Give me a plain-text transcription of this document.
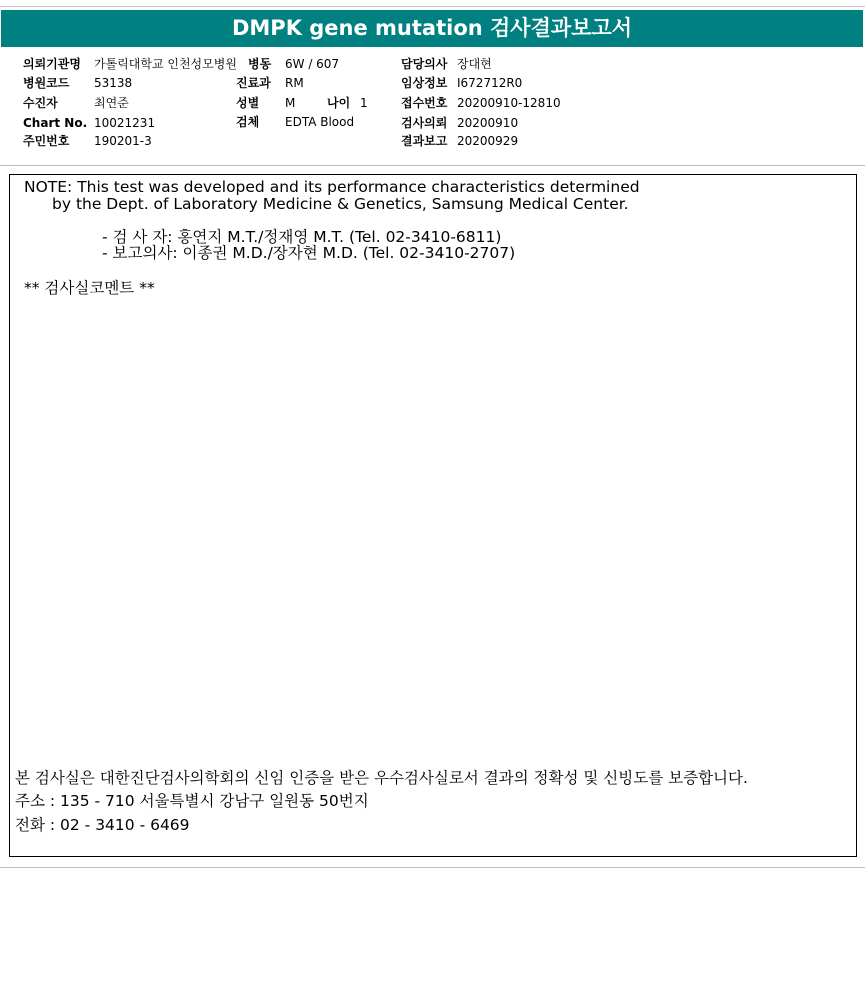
DMPK gene mutation 검사결과보고서
의뢰기관명 가톨릭대학교 인천성모병원
병원코드 53138
수진자	최연준
Chart No. 10021231
주민번호 190201-3
병동 6W / 607
진료과 RM
성별 M	나이 1
검체 EDTA Blood
담당의사 장대현
임상정보 I672712R0
접수번호 20200910-12810
검사의뢰 20200910
결과보고 20200929
NOTE: This test was developed and its performance characteristics determined
by the Dept. of Laboratory Medicine & Genetics, Samsung Medical Center.
- 검 사 자: 홍연지 M.T./정재영 M.T. (Tel. 02-3410-6811)
- 보고의사: 이종권 M.D./장자현 M.D. (Tel. 02-3410-2707)
** 검사실코멘트 **
본 검사실은 대한진단검사의학회의 신임 인증을 받은 우수검사실로서 결과의 정확성 및 신빙도를 보증합니다.
주소 : 135 - 710 서울특별시 강남구 일원동 50번지
전화 : 02 - 3410 - 6469
